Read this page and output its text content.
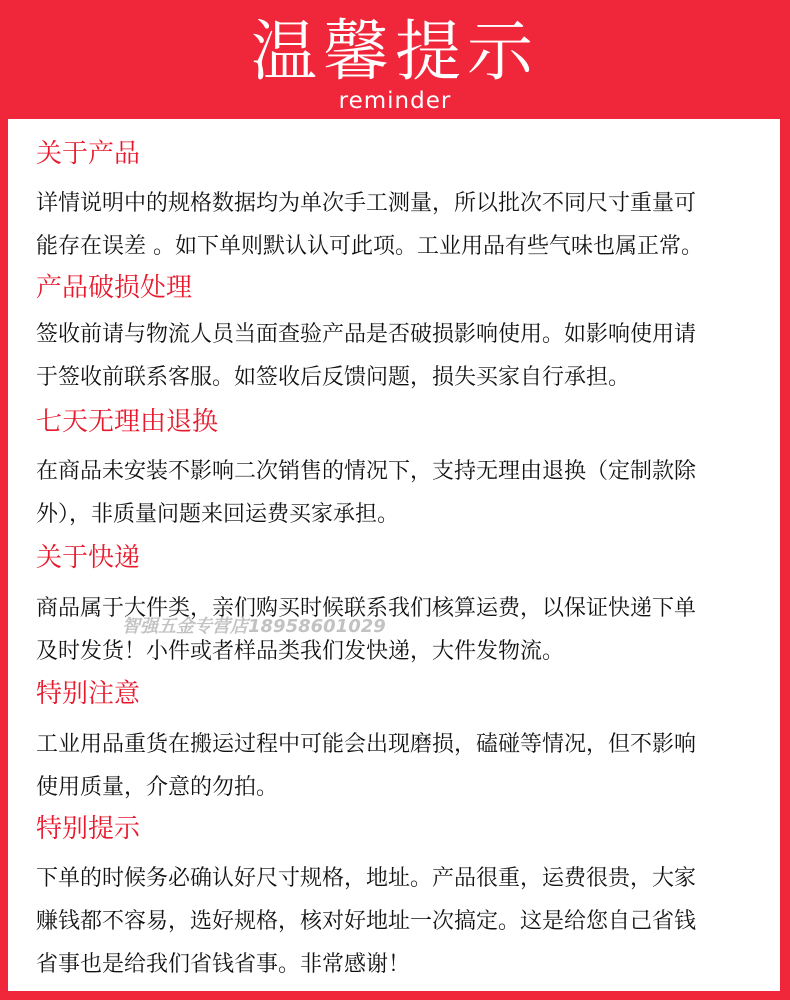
温馨提示
reminder
关于产品
详情说明中的规格数据均为单次手工测量，所以批次不同尺寸重量可
能存在误差 。如下单则默认认可此项。工业用品有些气味也属正常。
产品破损处理
签收前请与物流人员当面查验产品是否破损影响使用。如影响使用请
于签收前联系客服。如签收后反馈问题，损失买家自行承担。
七天无理由退换
在商品未安装不影响二次销售的情况下，支持无理由退换（定制款除
外），非质量问题来回运费买家承担。
关于快递
商品属于大件类，亲们购买时候联系我们核算运费，以保证快递下单
及时发货！小件或者样品类我们发快递，大件发物流。
特别注意
工业用品重货在搬运过程中可能会出现磨损，磕碰等情况，但不影响
使用质量，介意的勿拍。
特别提示
下单的时候务必确认好尺寸规格，地址。产品很重，运费很贵，大家
赚钱都不容易，选好规格，核对好地址一次搞定。这是给您自己省钱
省事也是给我们省钱省事。非常感谢！
智强五金专营店18958601029
